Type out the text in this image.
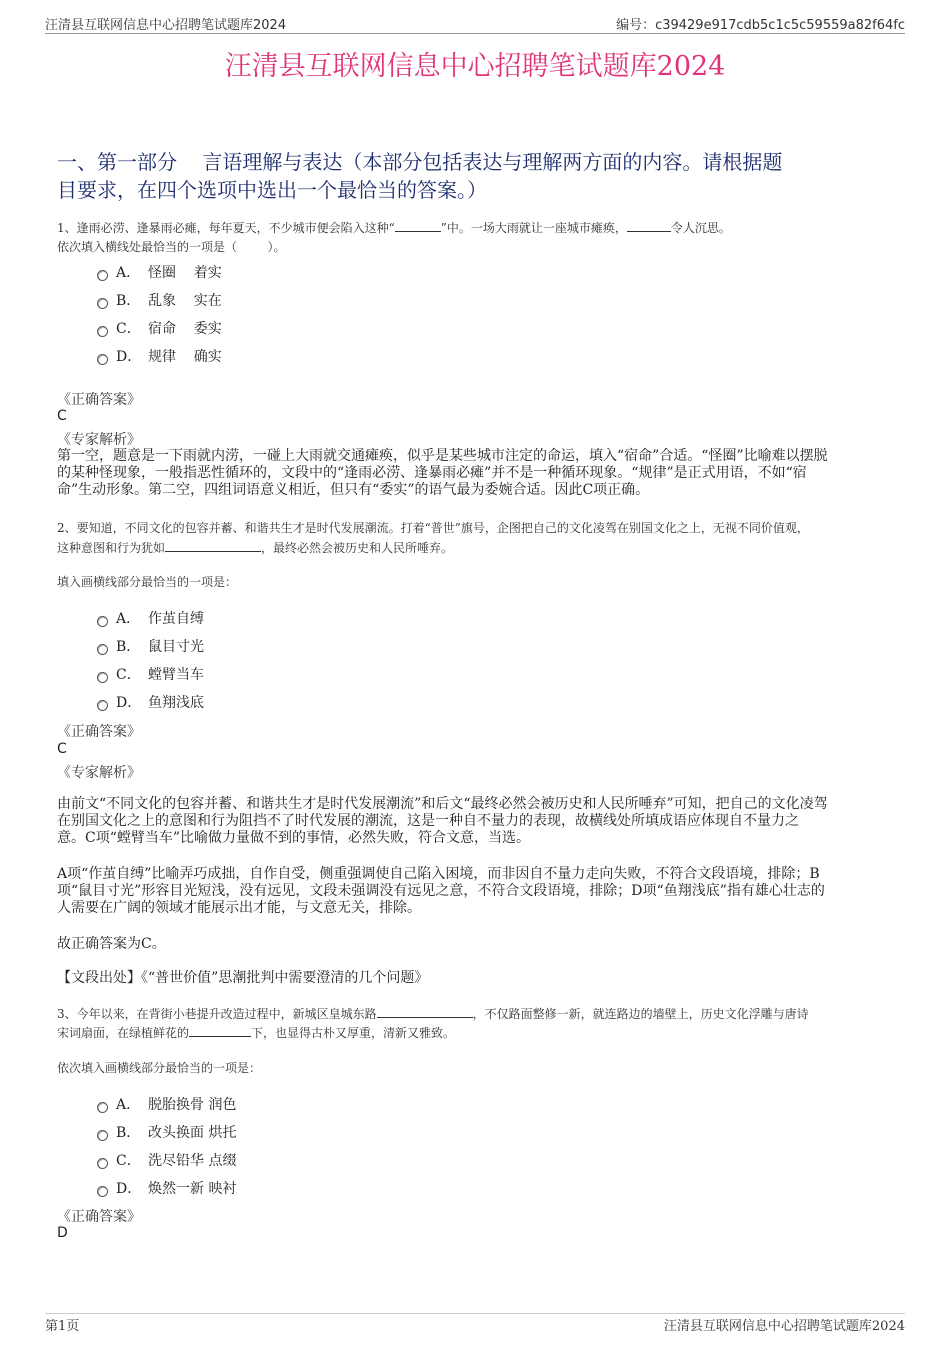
汪清县互联网信息中心招聘笔试题库2024	编号：c39429e917cdb5c1c5c59559a82f64fc
汪清县互联网信息中心招聘笔试题库2024
一、第一部分    言语理解与表达（本部分包括表达与理解两方面的内容。请根据题
目要求，在四个选项中选出一个最恰当的答案。）
1、逢雨必涝、逢暴雨必瘫，每年夏天，不少城市便会陷入这种“	”中。一场大雨就让一座城市瘫痪，	令人沉思。
依次填入横线处最恰当的一项是（        ）。
A． 怪圈    着实
B． 乱象    实在
C． 宿命    委实
D． 规律    确实
《正确答案》
C
《专家解析》
第一空，题意是一下雨就内涝，一碰上大雨就交通瘫痪，似乎是某些城市注定的命运，填入“宿命”合适。“怪圈”比喻难以摆脱
的某种怪现象，一般指恶性循环的，文段中的“逢雨必涝、逢暴雨必瘫”并不是一种循环现象。“规律”是正式用语，不如“宿
命”生动形象。第二空，四组词语意义相近，但只有“委实”的语气最为委婉合适。因此C项正确。
2、要知道，不同文化的包容并蓄、和谐共生才是时代发展潮流。打着“普世”旗号，企图把自己的文化凌驾在别国文化之上，无视不同价值观，
这种意图和行为犹如	，最终必然会被历史和人民所唾弃。
填入画横线部分最恰当的一项是：
A． 作茧自缚
B． 鼠目寸光
C． 螳臂当车
D． 鱼翔浅底
《正确答案》
C
《专家解析》
由前文“不同文化的包容并蓄、和谐共生才是时代发展潮流”和后文“最终必然会被历史和人民所唾弃”可知，把自己的文化凌驾
在别国文化之上的意图和行为阻挡不了时代发展的潮流，这是一种自不量力的表现，故横线处所填成语应体现自不量力之
意。C项“螳臂当车”比喻做力量做不到的事情，必然失败，符合文意，当选。
A项“作茧自缚”比喻弄巧成拙，自作自受，侧重强调使自己陷入困境，而非因自不量力走向失败，不符合文段语境，排除；B
项“鼠目寸光”形容目光短浅，没有远见，文段未强调没有远见之意，不符合文段语境，排除；D项“鱼翔浅底”指有雄心壮志的
人需要在广阔的领域才能展示出才能，与文意无关，排除。
故正确答案为C。
【文段出处】《“普世价值”思潮批判中需要澄清的几个问题》
3、今年以来，在背街小巷提升改造过程中，新城区皇城东路	，不仅路面整修一新，就连路边的墙壁上，历史文化浮雕与唐诗
宋词扇面，在绿植鲜花的	下，也显得古朴又厚重，清新又雅致。
依次填入画横线部分最恰当的一项是：
A． 脱胎换骨 润色
B． 改头换面 烘托
C． 洗尽铅华 点缀
D． 焕然一新 映衬
《正确答案》
D
第1页	汪清县互联网信息中心招聘笔试题库2024
